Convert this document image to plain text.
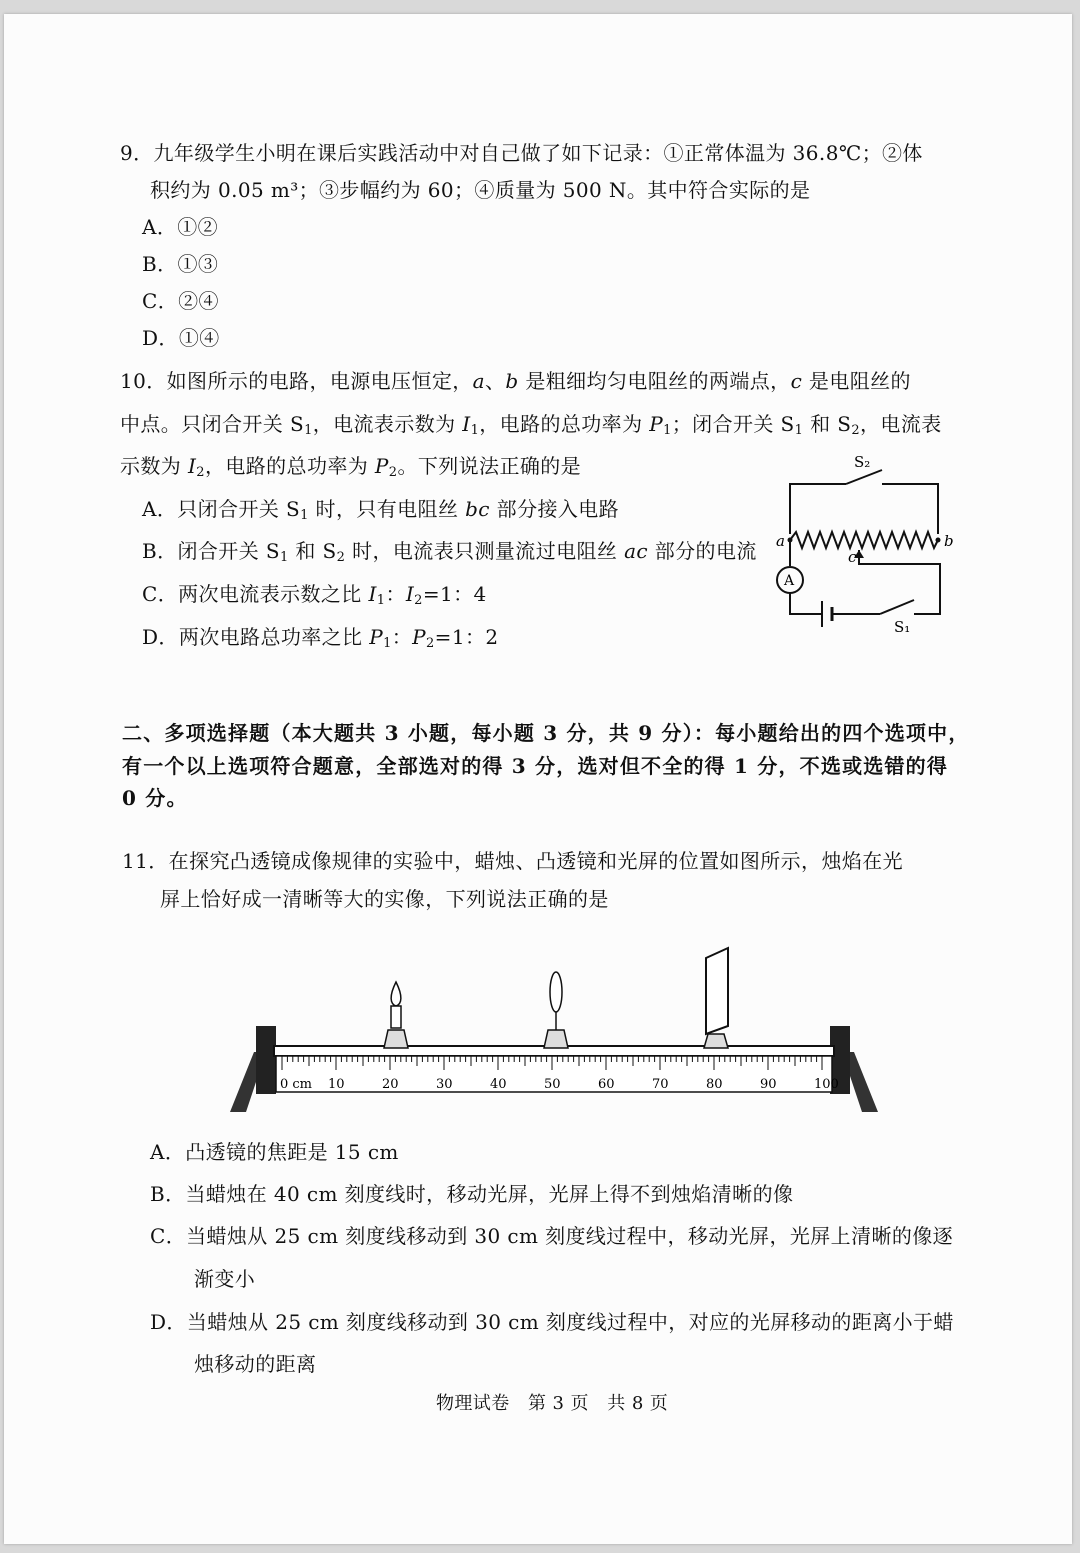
9．九年级学生小明在课后实践活动中对自己做了如下记录：①正常体温为 36.8℃；②体
积约为 0.05 m³；③步幅约为 60；④质量为 500 N。其中符合实际的是
A．①②
B．①③
C．②④
D．①④
10．如图所示的电路，电源电压恒定，a、b 是粗细均匀电阻丝的两端点，c 是电阻丝的
中点。只闭合开关 $S_1$，电流表示数为 $I_1$，电路的总功率为 $P_1$；闭合开关 $S_1$ 和 $S_2$，电流表
示数为 $I_2$，电路的总功率为 $P_2$。下列说法正确的是
A．只闭合开关 $S_1$ 时，只有电阻丝 bc 部分接入电路
B．闭合开关 $S_1$ 和 $S_2$ 时，电流表只测量流过电阻丝 ac 部分的电流
C．两次电流表示数之比 $I_1$：$I_2=1$：4
D．两次电路总功率之比 $P_1$：$P_2=1$：2
S₂
a	b
c
A
S₁
二、多项选择题（本大题共 3 小题，每小题 3 分，共 9 分）：每小题给出的四个选项中，
有一个以上选项符合题意，全部选对的得 3 分，选对但不全的得 1 分，不选或选错的得
0 分。
11．在探究凸透镜成像规律的实验中，蜡烛、凸透镜和光屏的位置如图所示，烛焰在光
屏上恰好成一清晰等大的实像，下列说法正确的是
0 cm 10	20	30	40	50	60	70	80	90	100
A．凸透镜的焦距是 15 cm
B．当蜡烛在 40 cm 刻度线时，移动光屏，光屏上得不到烛焰清晰的像
C．当蜡烛从 25 cm 刻度线移动到 30 cm 刻度线过程中，移动光屏，光屏上清晰的像逐
渐变小
D．当蜡烛从 25 cm 刻度线移动到 30 cm 刻度线过程中，对应的光屏移动的距离小于蜡
烛移动的距离
物理试卷　第 3 页　共 8 页
